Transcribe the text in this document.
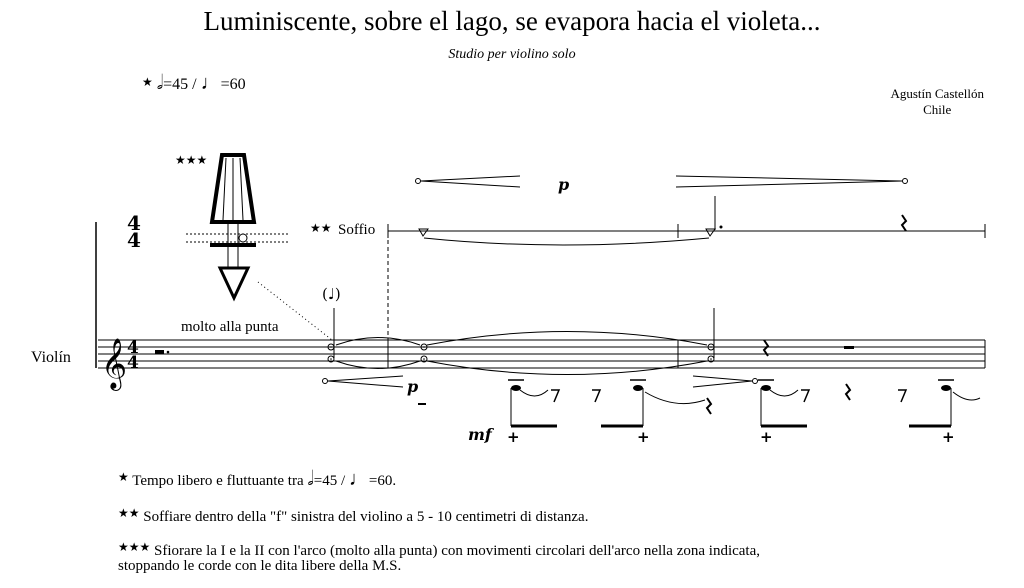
Luminiscente, sobre el lago, se evapora hacia el violeta...
Studio per violino solo
Agustín Castellón
Chile
★ 𝅗𝅥=45 / ♩=60
★★★
★★ Soffio
4
4
p
Violín 𝄞 4
4
molto alla punta
(♩)
p
mf +	+	+	+
★ Tempo libero e fluttuante tra 𝅗𝅥=45 / ♩=60.
★★ Soffiare dentro della "f" sinistra del violino a 5 - 10 centimetri di distanza.
★★★ Sfiorare la I e la II con l'arco (molto alla punta) con movimenti circolari dell'arco nella zona indicata,
stoppando le corde con le dita libere della M.S.
